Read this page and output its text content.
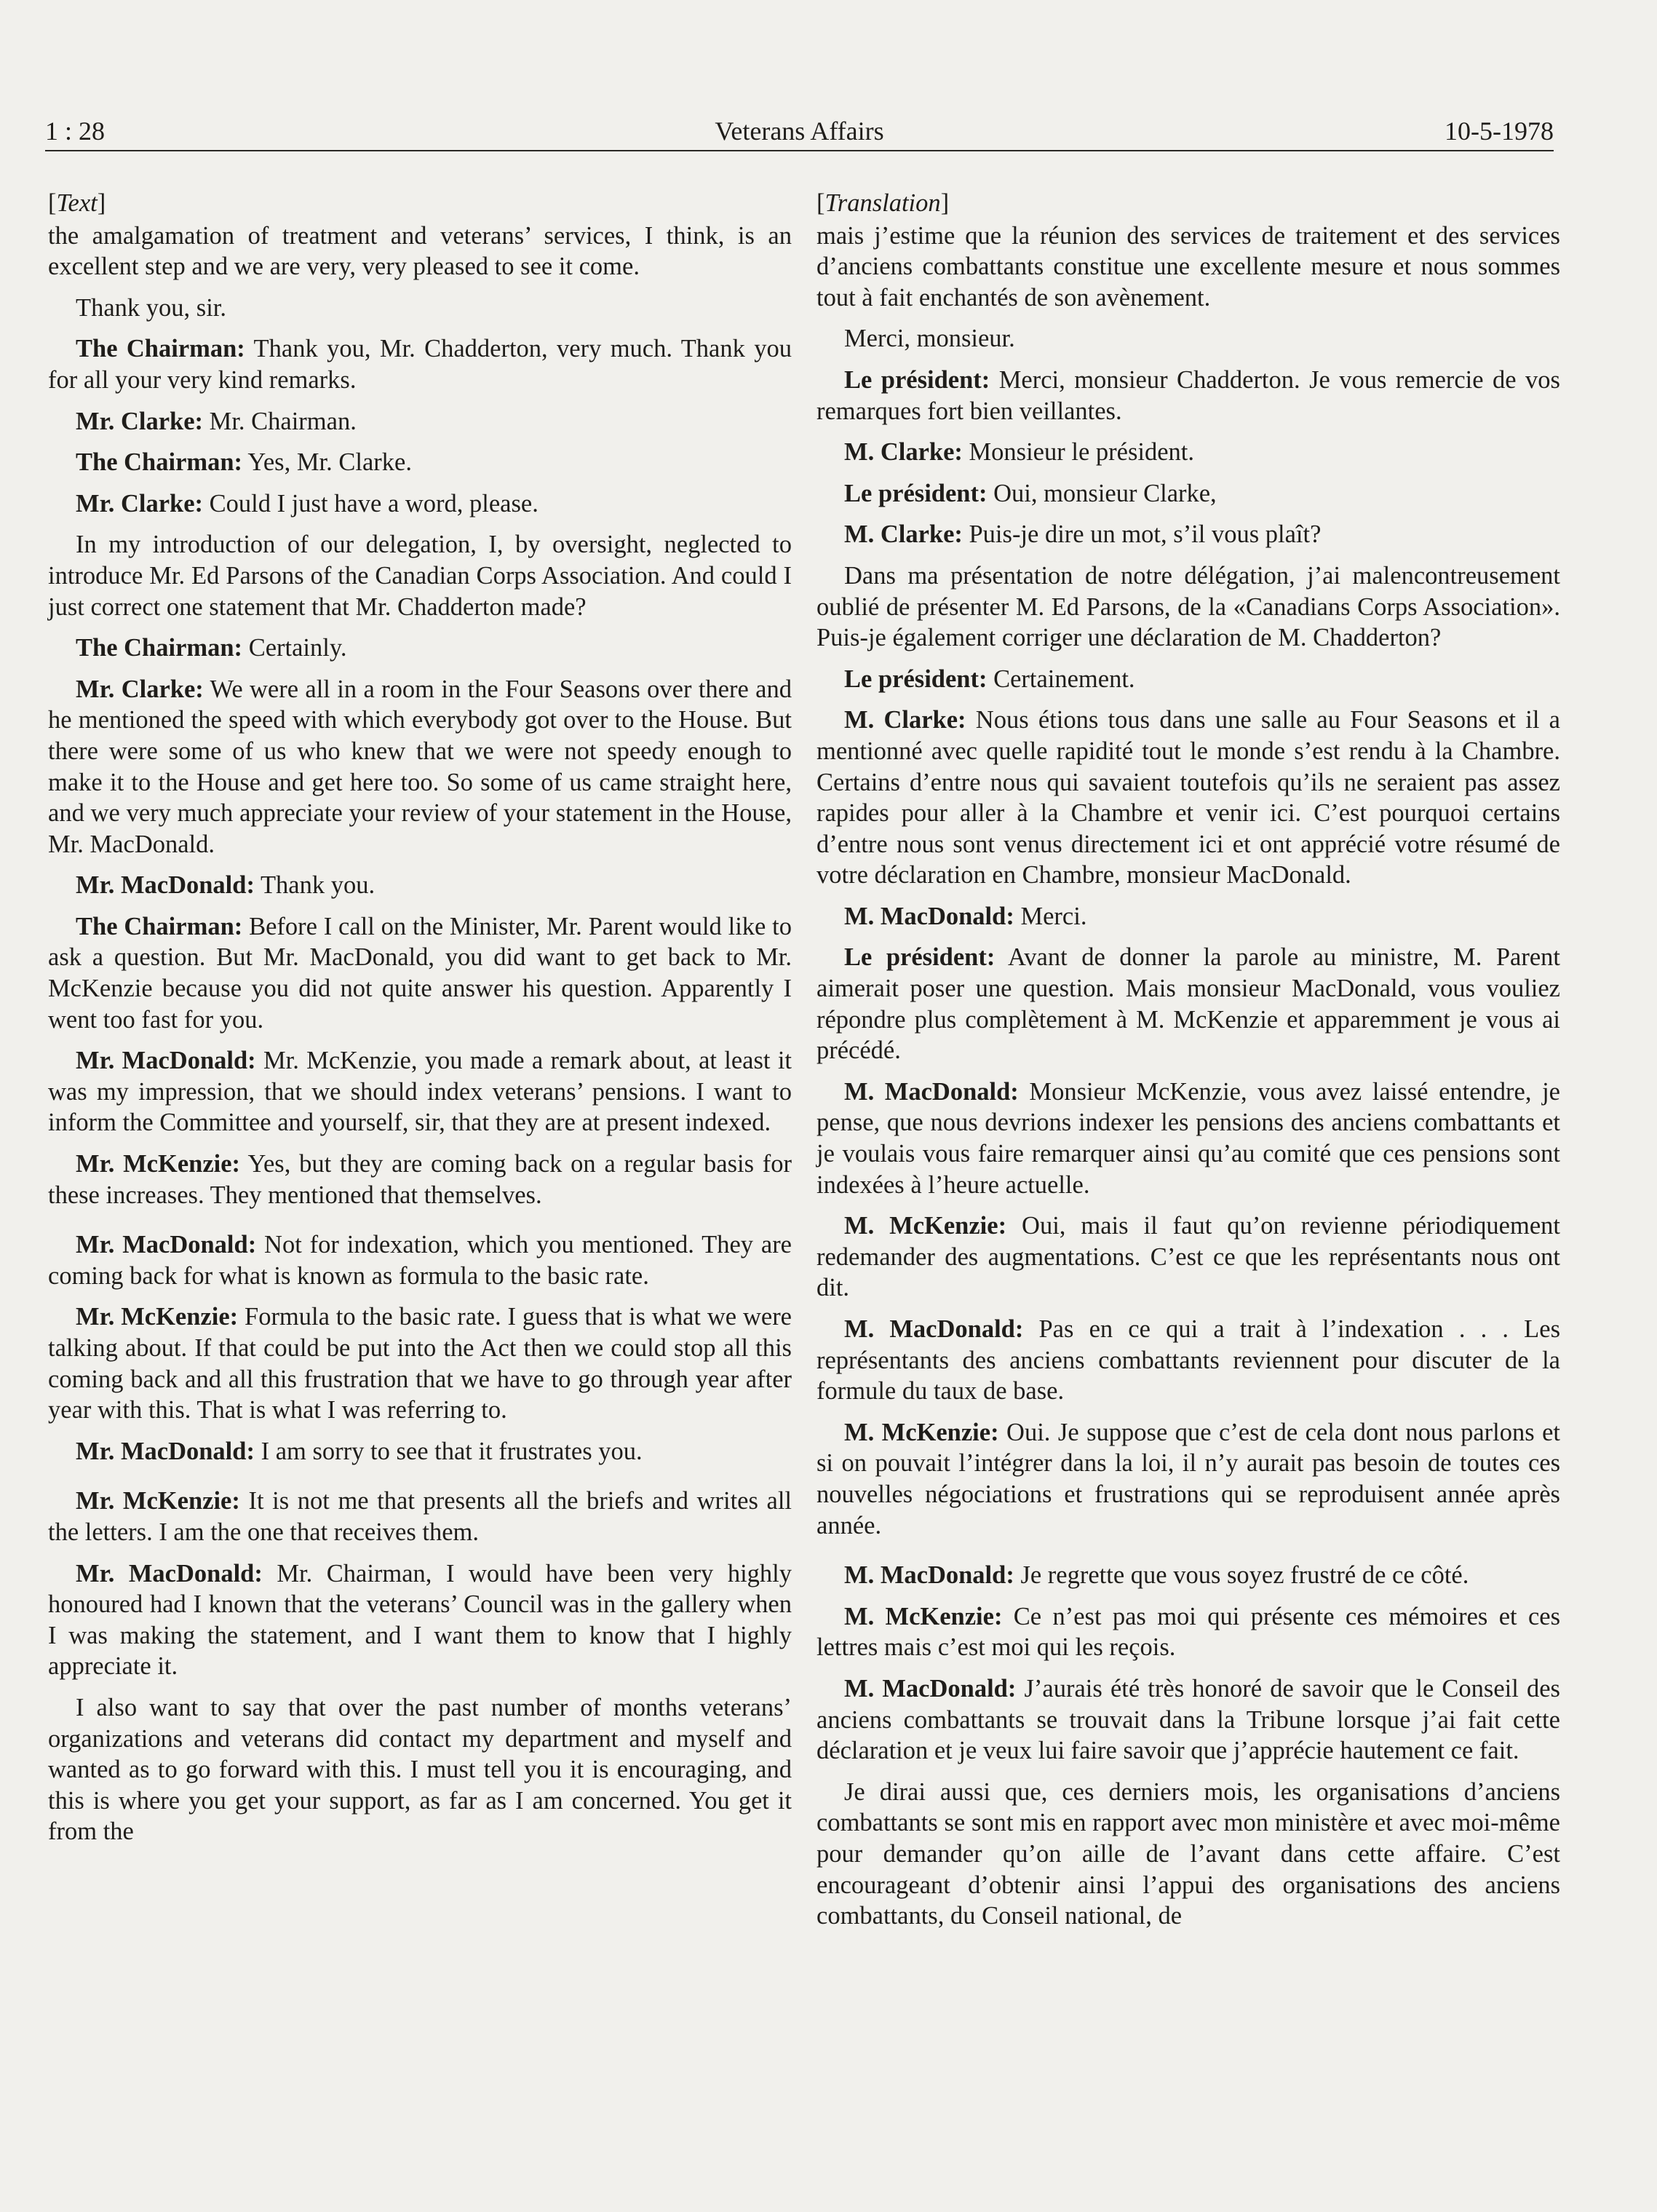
1 : 28	Veterans Affairs	10-5-1978
[Text]
the amalgamation of treatment and veterans’ services, I think, is an excellent step and we are very, very pleased to see it come.
Thank you, sir.
The Chairman: Thank you, Mr. Chadderton, very much. Thank you for all your very kind remarks.
Mr. Clarke: Mr. Chairman.
The Chairman: Yes, Mr. Clarke.
Mr. Clarke: Could I just have a word, please.
In my introduction of our delegation, I, by oversight, neglected to introduce Mr. Ed Parsons of the Canadian Corps Association. And could I just correct one statement that Mr. Chadderton made?
The Chairman: Certainly.
Mr. Clarke: We were all in a room in the Four Seasons over there and he mentioned the speed with which everybody got over to the House. But there were some of us who knew that we were not speedy enough to make it to the House and get here too. So some of us came straight here, and we very much appreciate your review of your statement in the House, Mr. MacDonald.
Mr. MacDonald: Thank you.
The Chairman: Before I call on the Minister, Mr. Parent would like to ask a question. But Mr. MacDonald, you did want to get back to Mr. McKenzie because you did not quite answer his question. Apparently I went too fast for you.
Mr. MacDonald: Mr. McKenzie, you made a remark about, at least it was my impression, that we should index veterans’ pensions. I want to inform the Committee and yourself, sir, that they are at present indexed.
Mr. McKenzie: Yes, but they are coming back on a regular basis for these increases. They mentioned that themselves.
Mr. MacDonald: Not for indexation, which you mentioned. They are coming back for what is known as formula to the basic rate.
Mr. McKenzie: Formula to the basic rate. I guess that is what we were talking about. If that could be put into the Act then we could stop all this coming back and all this frustration that we have to go through year after year with this. That is what I was referring to.
Mr. MacDonald: I am sorry to see that it frustrates you.
Mr. McKenzie: It is not me that presents all the briefs and writes all the letters. I am the one that receives them.
Mr. MacDonald: Mr. Chairman, I would have been very highly honoured had I known that the veterans’ Council was in the gallery when I was making the statement, and I want them to know that I highly appreciate it.
I also want to say that over the past number of months veterans’ organizations and veterans did contact my department and myself and wanted as to go forward with this. I must tell you it is encouraging, and this is where you get your support, as far as I am concerned. You get it from the
[Translation]
mais j’estime que la réunion des services de traitement et des services d’anciens combattants constitue une excellente mesure et nous sommes tout à fait enchantés de son avènement.
Merci, monsieur.
Le président: Merci, monsieur Chadderton. Je vous remercie de vos remarques fort bien veillantes.
M. Clarke: Monsieur le président.
Le président: Oui, monsieur Clarke,
M. Clarke: Puis-je dire un mot, s’il vous plaît?
Dans ma présentation de notre délégation, j’ai malencontreusement oublié de présenter M. Ed Parsons, de la «Canadians Corps Association». Puis-je également corriger une déclaration de M. Chadderton?
Le président: Certainement.
M. Clarke: Nous étions tous dans une salle au Four Seasons et il a mentionné avec quelle rapidité tout le monde s’est rendu à la Chambre. Certains d’entre nous qui savaient toutefois qu’ils ne seraient pas assez rapides pour aller à la Chambre et venir ici. C’est pourquoi certains d’entre nous sont venus directement ici et ont apprécié votre résumé de votre déclaration en Chambre, monsieur MacDonald.
M. MacDonald: Merci.
Le président: Avant de donner la parole au ministre, M. Parent aimerait poser une question. Mais monsieur MacDonald, vous vouliez répondre plus complètement à M. McKenzie et apparemment je vous ai précédé.
M. MacDonald: Monsieur McKenzie, vous avez laissé entendre, je pense, que nous devrions indexer les pensions des anciens combattants et je voulais vous faire remarquer ainsi qu’au comité que ces pensions sont indexées à l’heure actuelle.
M. McKenzie: Oui, mais il faut qu’on revienne périodiquement redemander des augmentations. C’est ce que les représentants nous ont dit.
M. MacDonald: Pas en ce qui a trait à l’indexation . . . Les représentants des anciens combattants reviennent pour discuter de la formule du taux de base.
M. McKenzie: Oui. Je suppose que c’est de cela dont nous parlons et si on pouvait l’intégrer dans la loi, il n’y aurait pas besoin de toutes ces nouvelles négociations et frustrations qui se reproduisent année après année.
M. MacDonald: Je regrette que vous soyez frustré de ce côté.
M. McKenzie: Ce n’est pas moi qui présente ces mémoires et ces lettres mais c’est moi qui les reçois.
M. MacDonald: J’aurais été très honoré de savoir que le Conseil des anciens combattants se trouvait dans la Tribune lorsque j’ai fait cette déclaration et je veux lui faire savoir que j’apprécie hautement ce fait.
Je dirai aussi que, ces derniers mois, les organisations d’anciens combattants se sont mis en rapport avec mon ministère et avec moi-même pour demander qu’on aille de l’avant dans cette affaire. C’est encourageant d’obtenir ainsi l’appui des organisations des anciens combattants, du Conseil national, de
